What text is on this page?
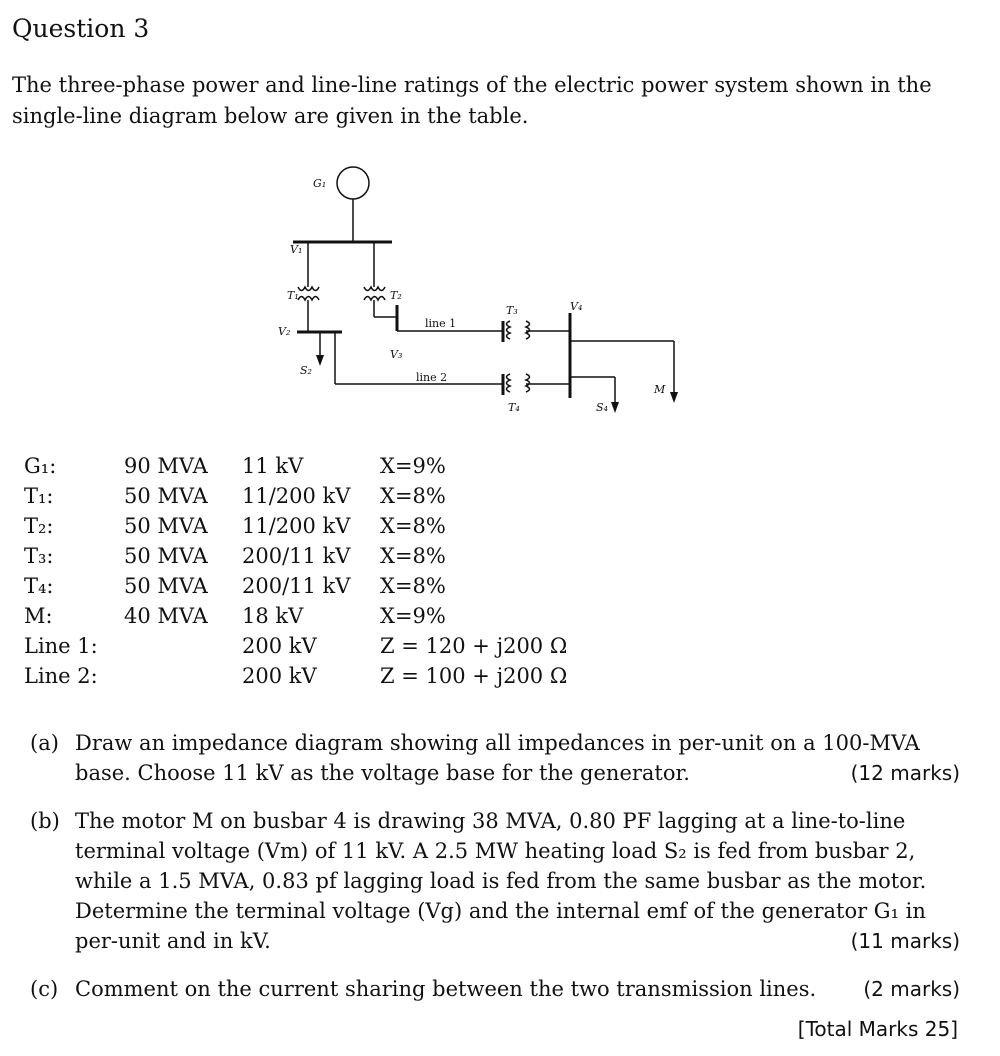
Question 3
The three-phase power and line-line ratings of the electric power system shown in the single-line diagram below are given in the table.
G₁
V₁
T₁	T₂
V₂
V₃
line 1
line 2
T₃
T₄
V₄
S₂
S₄
M
G₁:	90 MVA	11 kV	X=9%
T₁:	50 MVA	11/200 kV	X=8%
T₂:	50 MVA	11/200 kV	X=8%
T₃:	50 MVA	200/11 kV	X=8%
T₄:	50 MVA	200/11 kV	X=8%
M:	40 MVA	18 kV	X=9%
Line 1:		200 kV	Z = 120 + j200 Ω
Line 2:		200 kV	Z = 100 + j200 Ω
(a) Draw an impedance diagram showing all impedances in per-unit on a 100-MVA base. Choose 11 kV as the voltage base for the generator.	(12 marks)
(b) The motor M on busbar 4 is drawing 38 MVA, 0.80 PF lagging at a line-to-line terminal voltage (Vm) of 11 kV. A 2.5 MW heating load S₂ is fed from busbar 2, while a 1.5 MVA, 0.83 pf lagging load is fed from the same busbar as the motor. Determine the terminal voltage (Vg) and the internal emf of the generator G₁ in per-unit and in kV.	(11 marks)
(c) Comment on the current sharing between the two transmission lines. (2 marks)
[Total Marks 25]
